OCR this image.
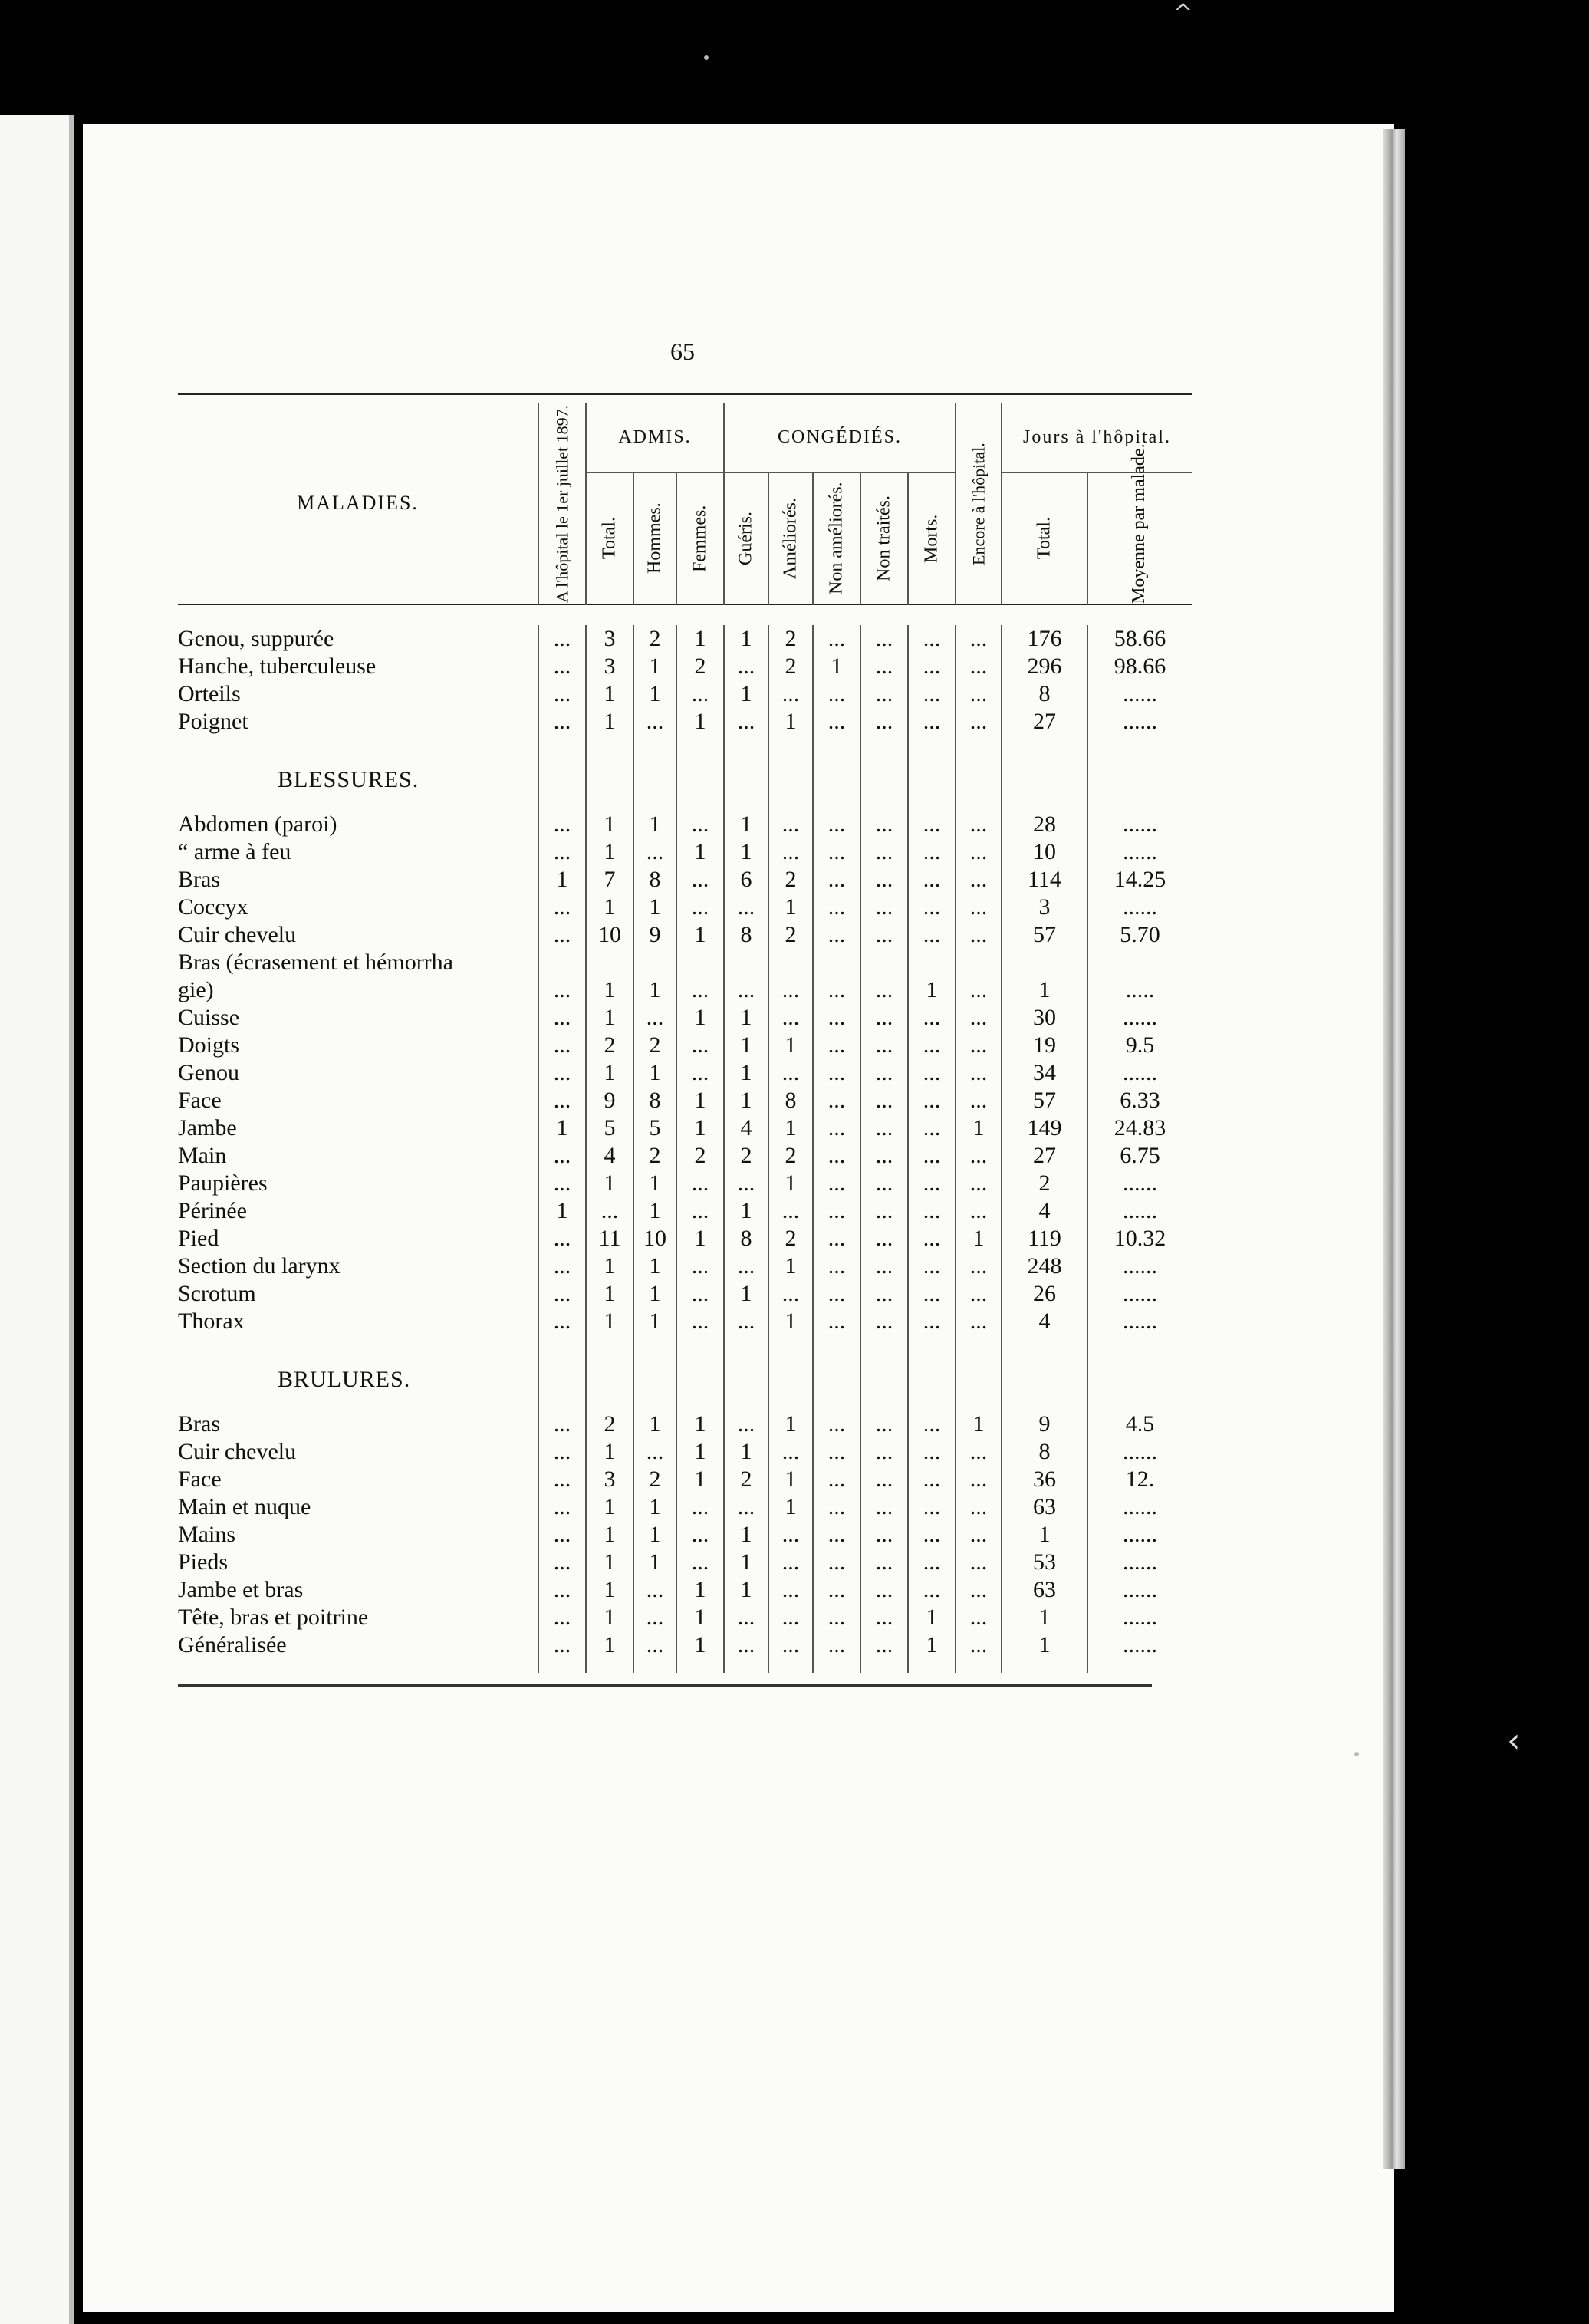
^
‹
65

MALADIES.	A l'hôpital le 1er juillet 1897.	ADMIS.			CONGÉDIÉS.					Encore à l'hôpital.	Jours à l'hôpital.	
		Total.	Hommes.	Femmes.	Guéris.	Améliorés.	Non améliorés.	Non traités.	Morts.		Total.	Moyenne par malade.

Genou, suppurée	...	3	2	1	1	2	...	...	...	...	176	58.66
Hanche, tuberculeuse	...	3	1	2	...	2	1	...	...	...	296	98.66
Orteils	...	1	1	...	1	...	...	...	...	...	8	......
Poignet	...	1	...	1	...	1	...	...	...	...	27	......

BLESSURES.												
Abdomen (paroi)	...	1	1	...	1	...	...	...	...	...	28	......
“ arme à feu	...	1	...	1	1	...	...	...	...	...	10	......
Bras	1	7	8	...	6	2	...	...	...	...	114	14.25
Coccyx	...	1	1	...	...	1	...	...	...	...	3	......
Cuir chevelu	...	10	9	1	8	2	...	...	...	...	57	5.70
Bras (écrasement et hémorrha												
gie)	...	1	1	...	...	...	...	...	1	...	1	.....
Cuisse	...	1	...	1	1	...	...	...	...	...	30	......
Doigts	...	2	2	...	1	1	...	...	...	...	19	9.5
Genou	...	1	1	...	1	...	...	...	...	...	34	......
Face	...	9	8	1	1	8	...	...	...	...	57	6.33
Jambe	1	5	5	1	4	1	...	...	...	1	149	24.83
Main	...	4	2	2	2	2	...	...	...	...	27	6.75
Paupières	...	1	1	...	...	1	...	...	...	...	2	......
Périnée	1	...	1	...	1	...	...	...	...	...	4	......
Pied	...	11	10	1	8	2	...	...	...	1	119	10.32
Section du larynx	...	1	1	...	...	1	...	...	...	...	248	......
Scrotum	...	1	1	...	1	...	...	...	...	...	26	......
Thorax	...	1	1	...	...	1	...	...	...	...	4	......

BRULURES.												
Bras	...	2	1	1	...	1	...	...	...	1	9	4.5
Cuir chevelu	...	1	...	1	1	...	...	...	...	...	8	......
Face	...	3	2	1	2	1	...	...	...	...	36	12.
Main et nuque	...	1	1	...	...	1	...	...	...	...	63	......
Mains	...	1	1	...	1	...	...	...	...	...	1	......
Pieds	...	1	1	...	1	...	...	...	...	...	53	......
Jambe et bras	...	1	...	1	1	...	...	...	...	...	63	......
Tête, bras et poitrine	...	1	...	1	...	...	...	...	1	...	1	......
Généralisée	...	1	...	1	...	...	...	...	1	...	1	......
